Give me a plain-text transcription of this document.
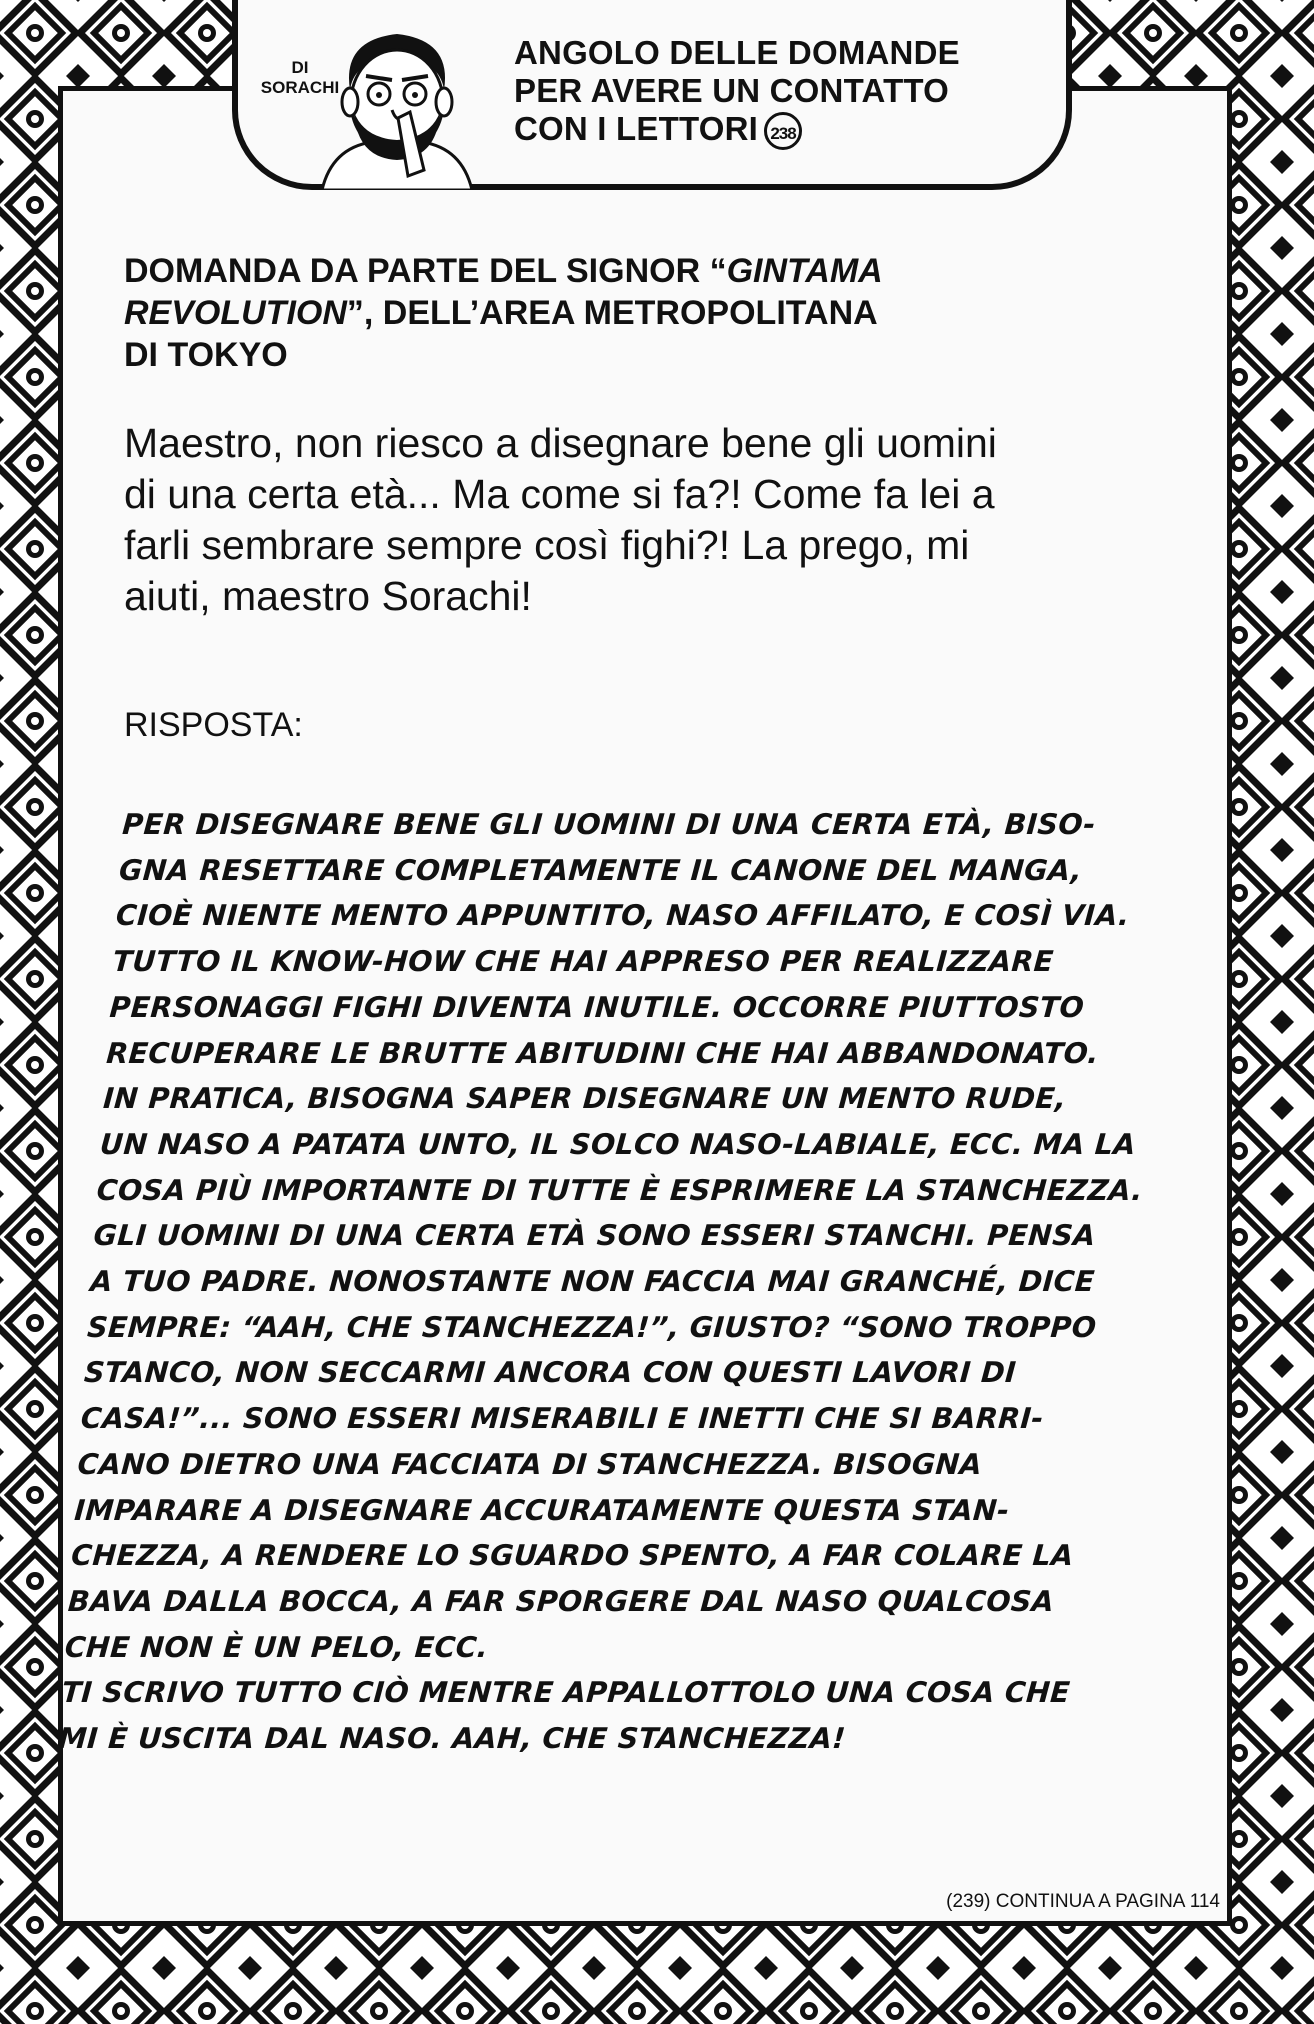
DI
SORACHI
ANGOLO DELLE DOMANDE
PER AVERE UN CONTATTO
CON I LETTORI 238
DOMANDA DA PARTE DEL SIGNOR “GINTAMA
REVOLUTION”, DELL’AREA METROPOLITANA
DI TOKYO
Maestro, non riesco a disegnare bene gli uomini
di una certa età... Ma come si fa?! Come fa lei a
farli sembrare sempre così fighi?! La prego, mi
aiuti, maestro Sorachi!
RISPOSTA:
PER DISEGNARE BENE GLI UOMINI DI UNA CERTA ETÀ, BISO-
GNA RESETTARE COMPLETAMENTE IL CANONE DEL MANGA,
CIOÈ NIENTE MENTO APPUNTITO, NASO AFFILATO, E COSÌ VIA.
TUTTO IL KNOW-HOW CHE HAI APPRESO PER REALIZZARE
PERSONAGGI FIGHI DIVENTA INUTILE. OCCORRE PIUTTOSTO
RECUPERARE LE BRUTTE ABITUDINI CHE HAI ABBANDONATO.
IN PRATICA, BISOGNA SAPER DISEGNARE UN MENTO RUDE,
UN NASO A PATATA UNTO, IL SOLCO NASO-LABIALE, ECC. MA LA
COSA PIÙ IMPORTANTE DI TUTTE È ESPRIMERE LA STANCHEZZA.
GLI UOMINI DI UNA CERTA ETÀ SONO ESSERI STANCHI. PENSA
A TUO PADRE. NONOSTANTE NON FACCIA MAI GRANCHÉ, DICE
SEMPRE: “AAH, CHE STANCHEZZA!”, GIUSTO? “SONO TROPPO
STANCO, NON SECCARMI ANCORA CON QUESTI LAVORI DI
CASA!”... SONO ESSERI MISERABILI E INETTI CHE SI BARRI-
CANO DIETRO UNA FACCIATA DI STANCHEZZA. BISOGNA
IMPARARE A DISEGNARE ACCURATAMENTE QUESTA STAN-
CHEZZA, A RENDERE LO SGUARDO SPENTO, A FAR COLARE LA
BAVA DALLA BOCCA, A FAR SPORGERE DAL NASO QUALCOSA
CHE NON È UN PELO, ECC.
TI SCRIVO TUTTO CIÒ MENTRE APPALLOTTOLO UNA COSA CHE
MI È USCITA DAL NASO. AAH, CHE STANCHEZZA!
(239) CONTINUA A PAGINA 114
